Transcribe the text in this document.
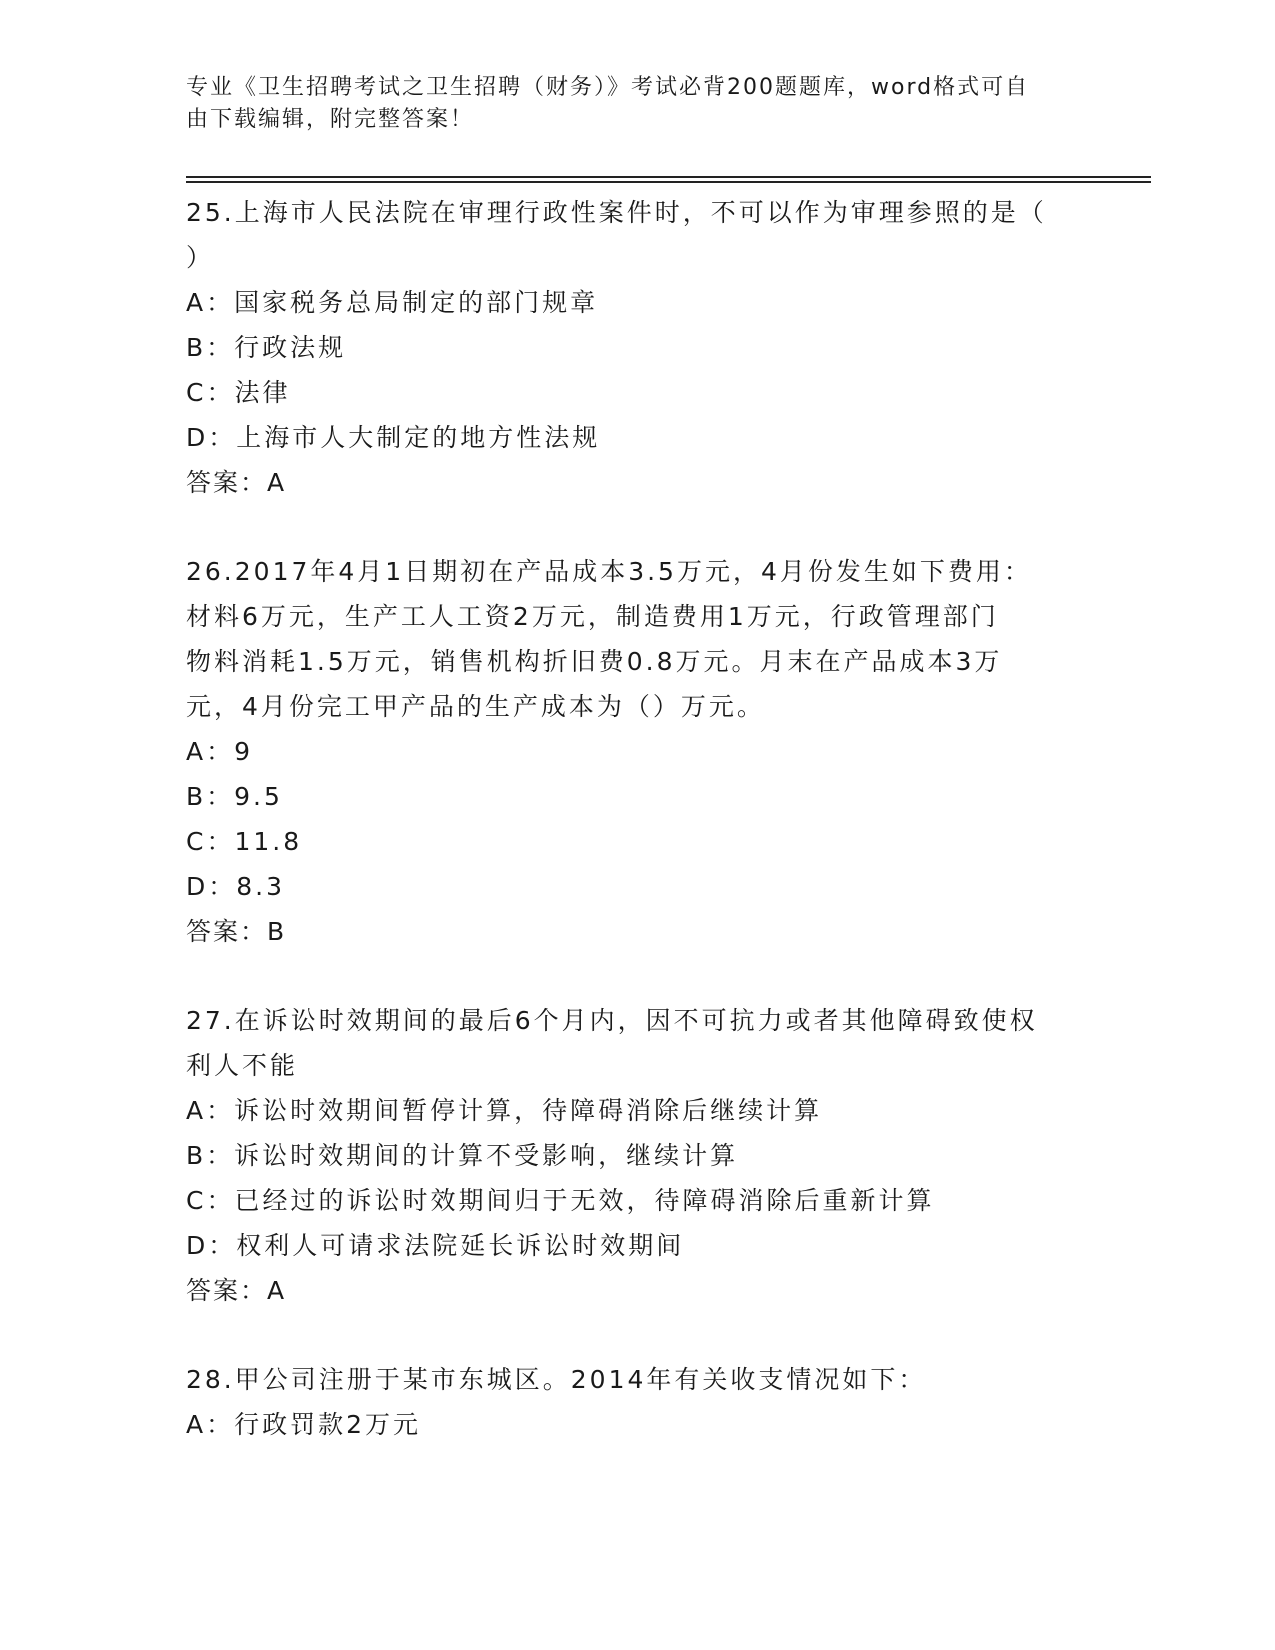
专业《卫生招聘考试之卫生招聘（财务）》考试必背200题题库，word格式可自
由下载编辑，附完整答案！
25.上海市人民法院在审理行政性案件时，不可以作为审理参照的是（
）
A：国家税务总局制定的部门规章
B：行政法规
C：法律
D：上海市人大制定的地方性法规
答案：A
26.2017年4月1日期初在产品成本3.5万元，4月份发生如下费用：
材料6万元，生产工人工资2万元，制造费用1万元，行政管理部门
物料消耗1.5万元，销售机构折旧费0.8万元。月末在产品成本3万
元，4月份完工甲产品的生产成本为（）万元。
A：9
B：9.5
C：11.8
D：8.3
答案：B
27.在诉讼时效期间的最后6个月内，因不可抗力或者其他障碍致使权
利人不能
A：诉讼时效期间暂停计算，待障碍消除后继续计算
B：诉讼时效期间的计算不受影响，继续计算
C：已经过的诉讼时效期间归于无效，待障碍消除后重新计算
D：权利人可请求法院延长诉讼时效期间
答案：A
28.甲公司注册于某市东城区。2014年有关收支情况如下：
A：行政罚款2万元
